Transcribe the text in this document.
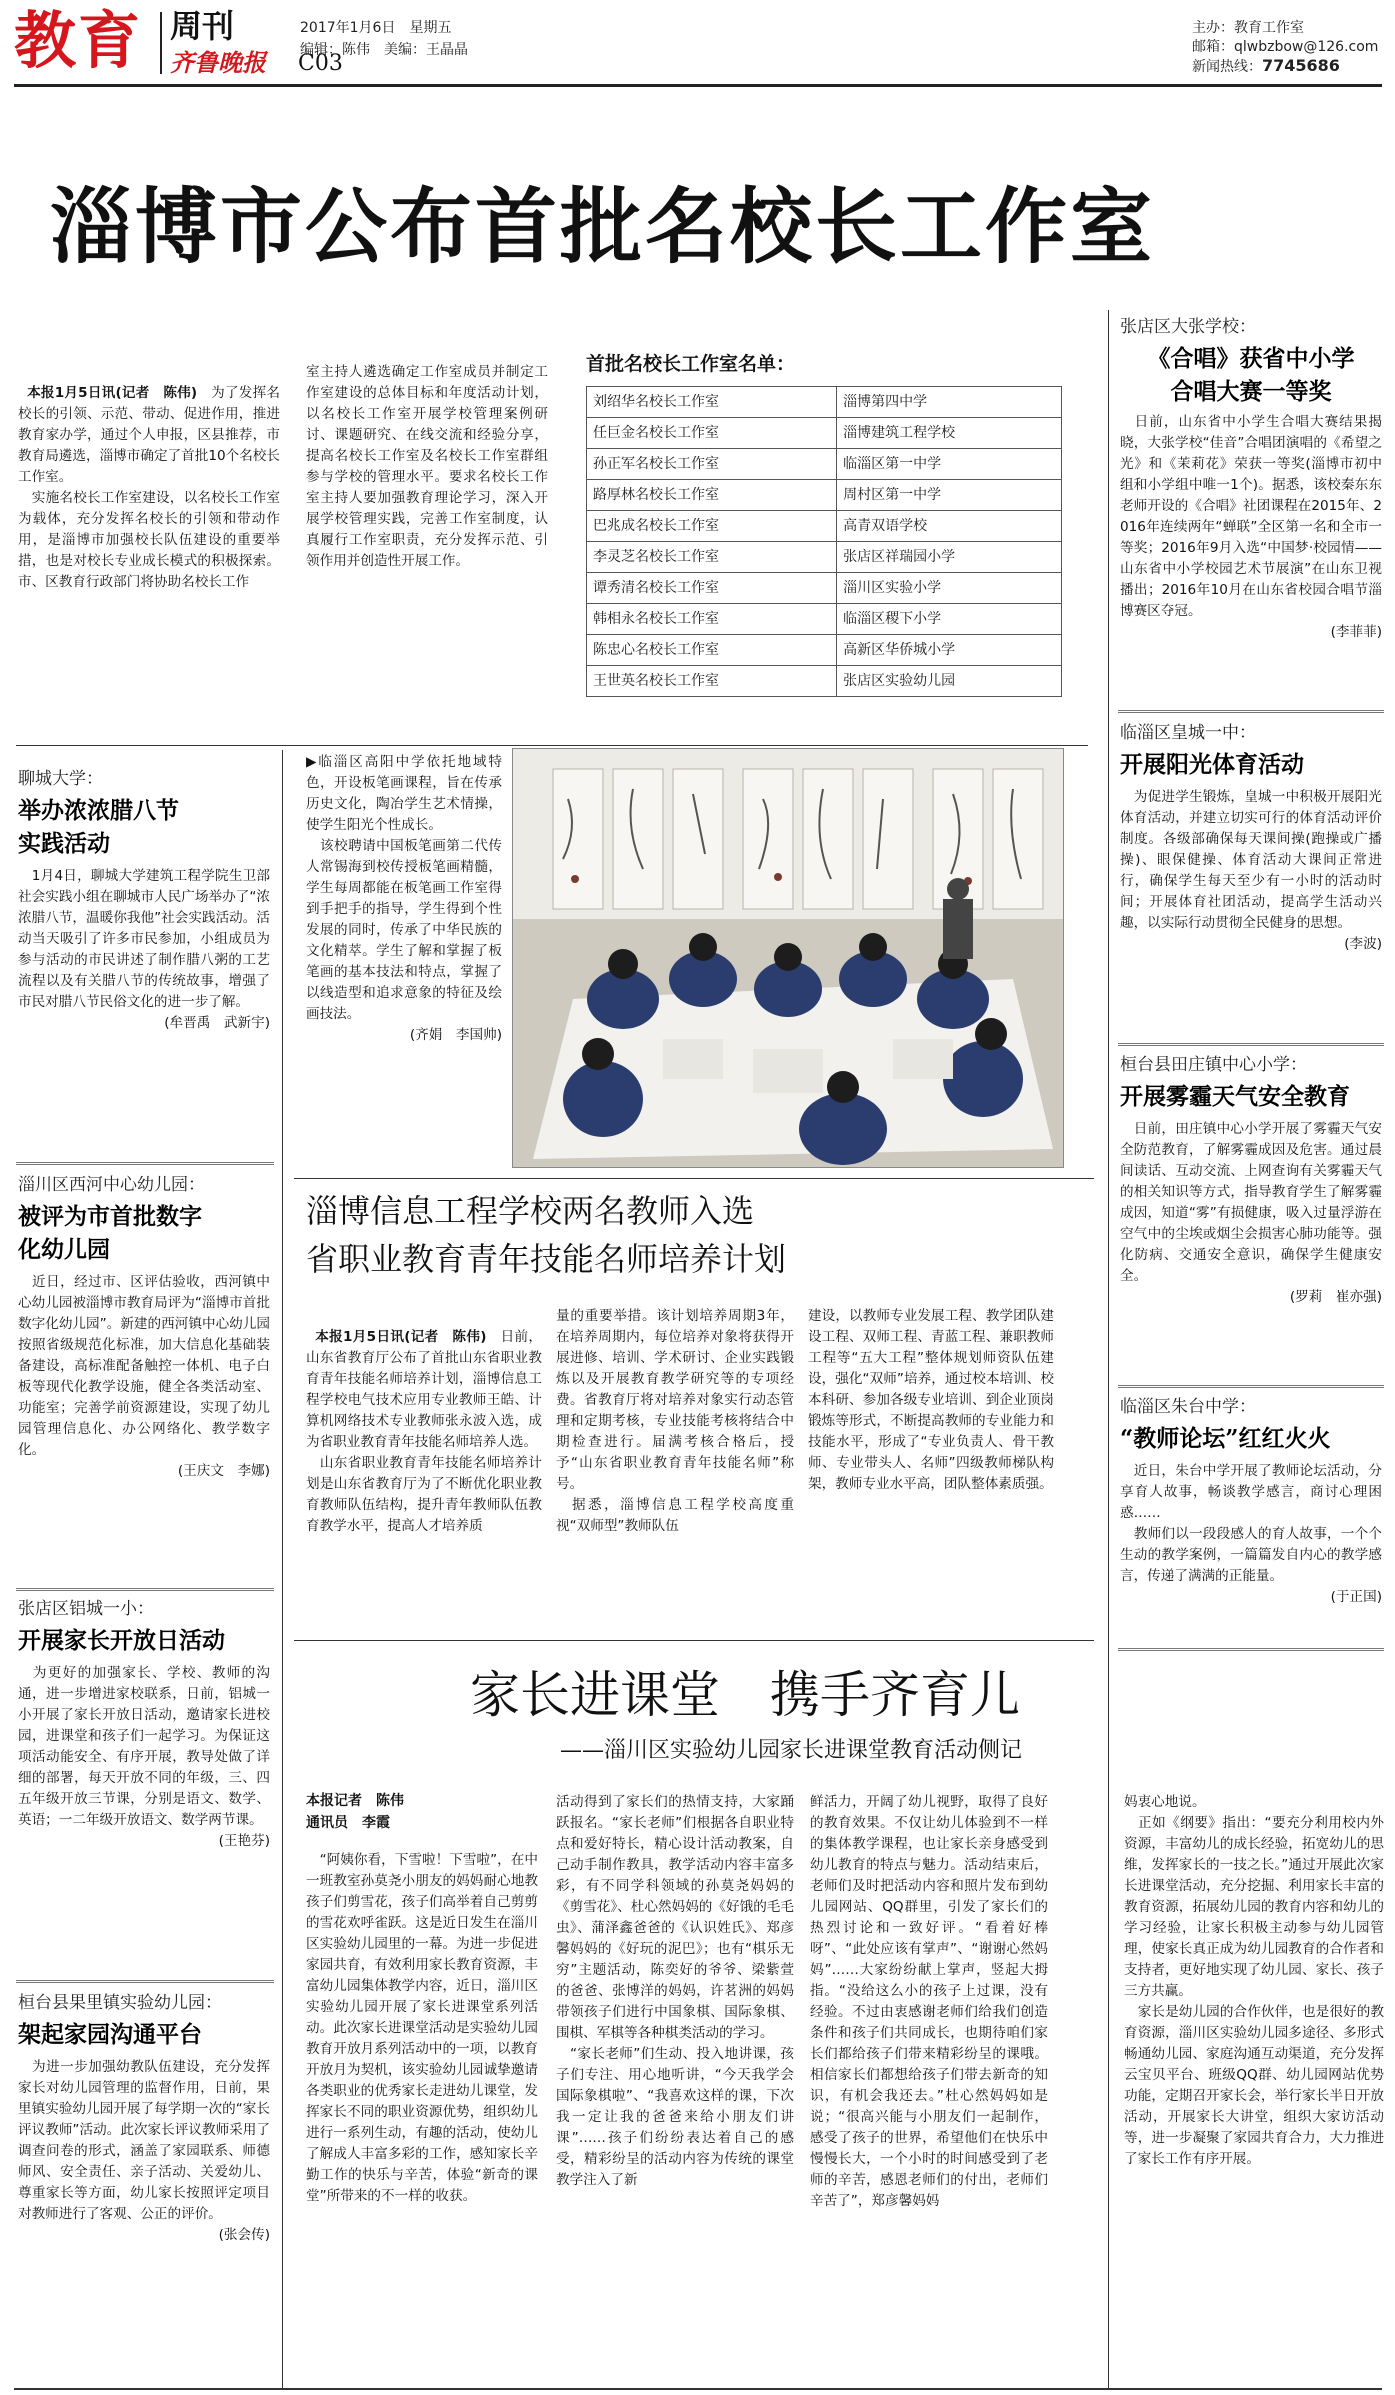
教育 周刊
齐鲁晚报 C03
2017年1月6日　星期五
编辑：陈伟　美编：王晶晶
主办：教育工作室
邮箱：qlwbzbow@126.com
新闻热线：7745686
淄博市公布首批名校长工作室

本报1月5日讯(记者　陈伟)　为了发挥名校长的引领、示范、带动、促进作用，推进教育家办学，通过个人申报，区县推荐，市教育局遴选，淄博市确定了首批10个名校长工作室。
　实施名校长工作室建设，以名校长工作室为载体，充分发挥名校长的引领和带动作用，是淄博市加强校长队伍建设的重要举措，也是对校长专业成长模式的积极探索。市、区教育行政部门将协助名校长工作

室主持人遴选确定工作室成员并制定工作室建设的总体目标和年度活动计划，以名校长工作室开展学校管理案例研讨、课题研究、在线交流和经验分享，提高名校长工作室及名校长工作室群组参与学校的管理水平。要求名校长工作室主持人要加强教育理论学习，深入开展学校管理实践，完善工作室制度，认真履行工作室职责，充分发挥示范、引领作用并创造性开展工作。
首批名校长工作室名单：
刘绍华名校长工作室	淄博第四中学
任巨金名校长工作室	淄博建筑工程学校
孙正军名校长工作室	临淄区第一中学
路厚林名校长工作室	周村区第一中学
巴兆成名校长工作室	高青双语学校
李灵芝名校长工作室	张店区祥瑞园小学
谭秀清名校长工作室	淄川区实验小学
韩相永名校长工作室	临淄区稷下小学
陈忠心名校长工作室	高新区华侨城小学
王世英名校长工作室	张店区实验幼儿园
张店区大张学校：
《合唱》获省中小学
合唱大赛一等奖
　日前，山东省中小学生合唱大赛结果揭晓，大张学校“佳音”合唱团演唱的《希望之光》和《茉莉花》荣获一等奖(淄博市初中组和小学组中唯一1个)。据悉，该校秦东东老师开设的《合唱》社团课程在2015年、2016年连续两年“蝉联”全区第一名和全市一等奖；2016年9月入选“中国梦·校园情——山东省中小学校园艺术节展演”在山东卫视播出；2016年10月在山东省校园合唱节淄博赛区夺冠。
(李菲菲)
临淄区皇城一中：
开展阳光体育活动
　为促进学生锻炼，皇城一中积极开展阳光体育活动，并建立切实可行的体育活动评价制度。各级部确保每天课间操(跑操或广播操)、眼保健操、体育活动大课间正常进行，确保学生每天至少有一小时的活动时间；开展体育社团活动，提高学生活动兴趣，以实际行动贯彻全民健身的思想。
(李波)
桓台县田庄镇中心小学：
开展雾霾天气安全教育
　日前，田庄镇中心小学开展了雾霾天气安全防范教育，了解雾霾成因及危害。通过晨间读话、互动交流、上网查询有关雾霾天气的相关知识等方式，指导教育学生了解雾霾成因，知道“雾”有损健康，吸入过量浮游在空气中的尘埃或烟尘会损害心肺功能等。强化防病、交通安全意识，确保学生健康安全。
(罗莉　崔亦强)
临淄区朱台中学：
“教师论坛”红红火火
　近日，朱台中学开展了教师论坛活动，分享育人故事，畅谈教学感言，商讨心理困惑……
　教师们以一段段感人的育人故事，一个个生动的教学案例，一篇篇发自内心的教学感言，传递了满满的正能量。
(于正国)
聊城大学：
举办浓浓腊八节
实践活动
　1月4日，聊城大学建筑工程学院生卫部社会实践小组在聊城市人民广场举办了“浓浓腊八节，温暖你我他”社会实践活动。活动当天吸引了许多市民参加，小组成员为参与活动的市民讲述了制作腊八粥的工艺流程以及有关腊八节的传统故事，增强了市民对腊八节民俗文化的进一步了解。
(牟晋禹　武新宇)
淄川区西河中心幼儿园：
被评为市首批数字
化幼儿园
　近日，经过市、区评估验收，西河镇中心幼儿园被淄博市教育局评为“淄博市首批数字化幼儿园”。新建的西河镇中心幼儿园按照省级规范化标准，加大信息化基础装备建设，高标准配备触控一体机、电子白板等现代化教学设施，健全各类活动室、功能室；完善学前资源建设，实现了幼儿园管理信息化、办公网络化、教学数字化。
(王庆文　李娜)
张店区铝城一小：
开展家长开放日活动
　为更好的加强家长、学校、教师的沟通，进一步增进家校联系，日前，铝城一小开展了家长开放日活动，邀请家长进校园，进课堂和孩子们一起学习。为保证这项活动能安全、有序开展，教导处做了详细的部署，每天开放不同的年级，三、四五年级开放三节课，分别是语文、数学、英语；一二年级开放语文、数学两节课。
(王艳芬)
桓台县果里镇实验幼儿园：
架起家园沟通平台
　为进一步加强幼教队伍建设，充分发挥家长对幼儿园管理的监督作用，日前，果里镇实验幼儿园开展了每学期一次的“家长评议教师”活动。此次家长评议教师采用了调查问卷的形式，涵盖了家园联系、师德师风、安全责任、亲子活动、关爱幼儿、尊重家长等方面，幼儿家长按照评定项目对教师进行了客观、公正的评价。
(张会传)
▶临淄区高阳中学依托地域特色，开设板笔画课程，旨在传承历史文化，陶冶学生艺术情操，使学生阳光个性成长。
　该校聘请中国板笔画第二代传人常锡海到校传授板笔画精髓，学生每周都能在板笔画工作室得到手把手的指导，学生得到个性发展的同时，传承了中华民族的文化精萃。学生了解和掌握了板笔画的基本技法和特点，掌握了以线造型和追求意象的特征及绘画技法。
(齐娟　李国帅)
淄博信息工程学校两名教师入选
省职业教育青年技能名师培养计划

本报1月5日讯(记者　陈伟)　日前，山东省教育厅公布了首批山东省职业教育青年技能名师培养计划，淄博信息工程学校电气技术应用专业教师王皓、计算机网络技术专业教师张永波入选，成为省职业教育青年技能名师培养人选。
　山东省职业教育青年技能名师培养计划是山东省教育厅为了不断优化职业教育教师队伍结构，提升青年教师队伍教育教学水平，提高人才培养质

量的重要举措。该计划培养周期3年，在培养周期内，每位培养对象将获得开展进修、培训、学术研讨、企业实践锻炼以及开展教育教学研究等的专项经费。省教育厅将对培养对象实行动态管理和定期考核，专业技能考核将结合中期检查进行。届满考核合格后，授予“山东省职业教育青年技能名师”称号。
　据悉，淄博信息工程学校高度重视“双师型”教师队伍
建设，以教师专业发展工程、教学团队建设工程、双师工程、青蓝工程、兼职教师工程等“五大工程”整体规划师资队伍建设，强化“双师”培养，通过校本培训、校本科研、参加各级专业培训、到企业顶岗锻炼等形式，不断提高教师的专业能力和技能水平，形成了“专业负责人、骨干教师、专业带头人、名师”四级教师梯队构架，教师专业水平高，团队整体素质强。
家长进课堂　携手齐育儿
——淄川区实验幼儿园家长进课堂教育活动侧记
本报记者　陈伟
通讯员　李霞
　“阿姨你看，下雪啦！下雪啦”，在中一班教室孙莫尧小朋友的妈妈耐心地教孩子们剪雪花，孩子们高举着自己剪剪的雪花欢呼雀跃。这是近日发生在淄川区实验幼儿园里的一幕。为进一步促进家园共育，有效利用家长教育资源，丰富幼儿园集体教学内容，近日，淄川区实验幼儿园开展了家长进课堂系列活动。此次家长进课堂活动是实验幼儿园教育开放月系列活动中的一项，以教育开放月为契机，该实验幼儿园诚挚邀请各类职业的优秀家长走进幼儿课堂，发挥家长不同的职业资源优势，组织幼儿进行一系列生动，有趣的活动，使幼儿了解成人丰富多彩的工作，感知家长辛勤工作的快乐与辛苦，体验“新奇的课堂”所带来的不一样的收获。
活动得到了家长们的热情支持，大家踊跃报名。“家长老师”们根据各自职业特点和爱好特长，精心设计活动教案，自己动手制作教具，教学活动内容丰富多彩，有不同学科领域的孙莫尧妈妈的《剪雪花》、杜心然妈妈的《好饿的毛毛虫》、蒲泽鑫爸爸的《认识姓氏》、郑彦馨妈妈的《好玩的泥巴》；也有“棋乐无穷”主题活动，陈奕好的爷爷、梁紫萱的爸爸、张博洋的妈妈，许茗洲的妈妈带领孩子们进行中国象棋、国际象棋、围棋、军棋等各种棋类活动的学习。
　“家长老师”们生动、投入地讲课，孩子们专注、用心地听讲，“今天我学会国际象棋啦”、“我喜欢这样的课，下次我一定让我的爸爸来给小朋友们讲课”……孩子们纷纷表达着自己的感受，精彩纷呈的活动内容为传统的课堂教学注入了新
鲜活力，开阔了幼儿视野，取得了良好的教育效果。不仅让幼儿体验到不一样的集体教学课程，也让家长亲身感受到幼儿教育的特点与魅力。活动结束后，老师们及时把活动内容和照片发布到幼儿园网站、QQ群里，引发了家长们的热烈讨论和一致好评。“看着好棒呀”、“此处应该有掌声”、“谢谢心然妈妈”……大家纷纷献上掌声，竖起大拇指。“没给这么小的孩子上过课，没有经验。不过由衷感谢老师们给我们创造条件和孩子们共同成长，也期待咱们家长们都给孩子们带来精彩纷呈的课哦。相信家长们都想给孩子们带去新奇的知识，有机会我还去。”杜心然妈妈如是说；“很高兴能与小朋友们一起制作，感受了孩子的世界，希望他们在快乐中慢慢长大，一个小时的时间感受到了老师的辛苦，感恩老师们的付出，老师们辛苦了”，郑彦馨妈妈
妈衷心地说。
　正如《纲要》指出：“要充分利用校内外资源，丰富幼儿的成长经验，拓宽幼儿的思维，发挥家长的一技之长。”通过开展此次家长进课堂活动，充分挖掘、利用家长丰富的教育资源，拓展幼儿园的教育内容和幼儿的学习经验，让家长积极主动参与幼儿园管理，使家长真正成为幼儿园教育的合作者和支持者，更好地实现了幼儿园、家长、孩子三方共赢。
　家长是幼儿园的合作伙伴，也是很好的教育资源，淄川区实验幼儿园多途径、多形式畅通幼儿园、家庭沟通互动渠道，充分发挥云宝贝平台、班级QQ群、幼儿园网站优势功能，定期召开家长会，举行家长半日开放活动，开展家长大讲堂，组织大家访活动等，进一步凝聚了家园共育合力，大力推进了家长工作有序开展。
